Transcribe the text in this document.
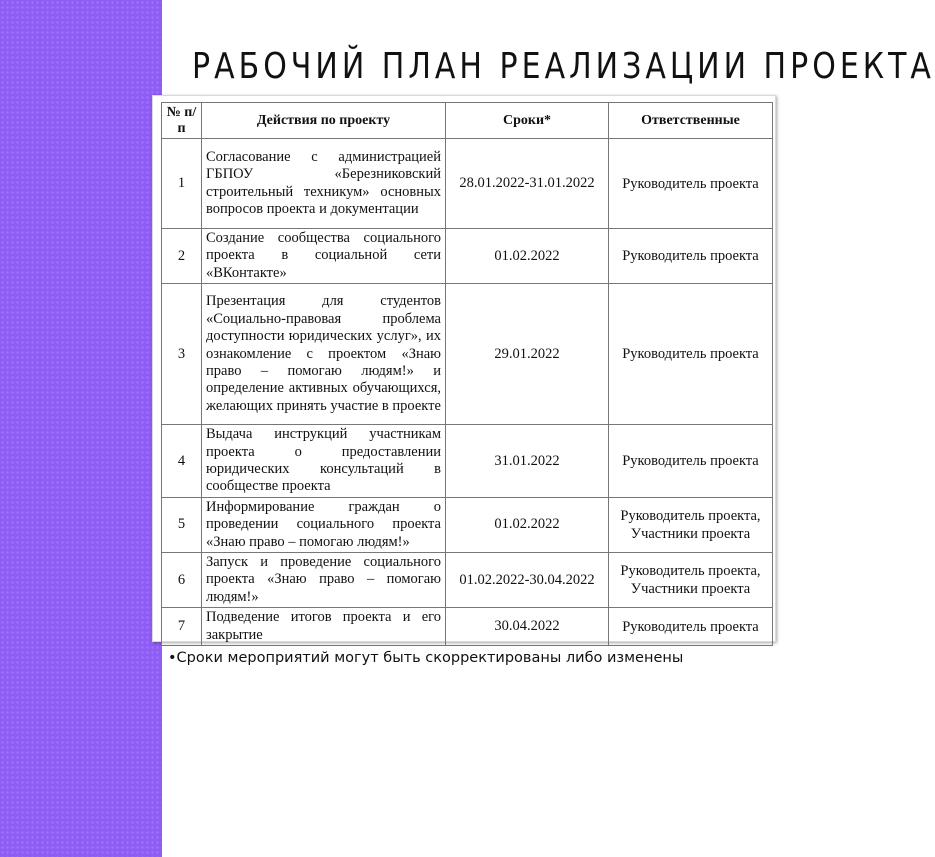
РАБОЧИЙ ПЛАН РЕАЛИЗАЦИИ ПРОЕКТА
№ п/п	Действия по проекту	Сроки*	Ответственные
1	Согласование с администрацией ГБПОУ «Березниковский строительный техникум» основных вопросов проекта и документации	28.01.2022-31.01.2022	Руководитель проекта
2	Создание сообщества социального проекта в социальной сети «ВКонтакте»	01.02.2022	Руководитель проекта
3	Презентация для студентов «Социально-правовая проблема доступности юридических услуг», их ознакомление с проектом «Знаю право – помогаю людям!» и определение активных обучающихся, желающих принять участие в проекте	29.01.2022	Руководитель проекта
4	Выдача инструкций участникам проекта о предоставлении юридических консультаций в сообществе проекта	31.01.2022	Руководитель проекта
5	Информирование граждан о проведении социального проекта «Знаю право – помогаю людям!»	01.02.2022	Руководитель проекта, Участники проекта
6	Запуск и проведение социального проекта «Знаю право – помогаю людям!»	01.02.2022-30.04.2022	Руководитель проекта, Участники проекта
7	Подведение итогов проекта и его закрытие	30.04.2022	Руководитель проекта
•Сроки мероприятий могут быть скорректированы либо изменены
